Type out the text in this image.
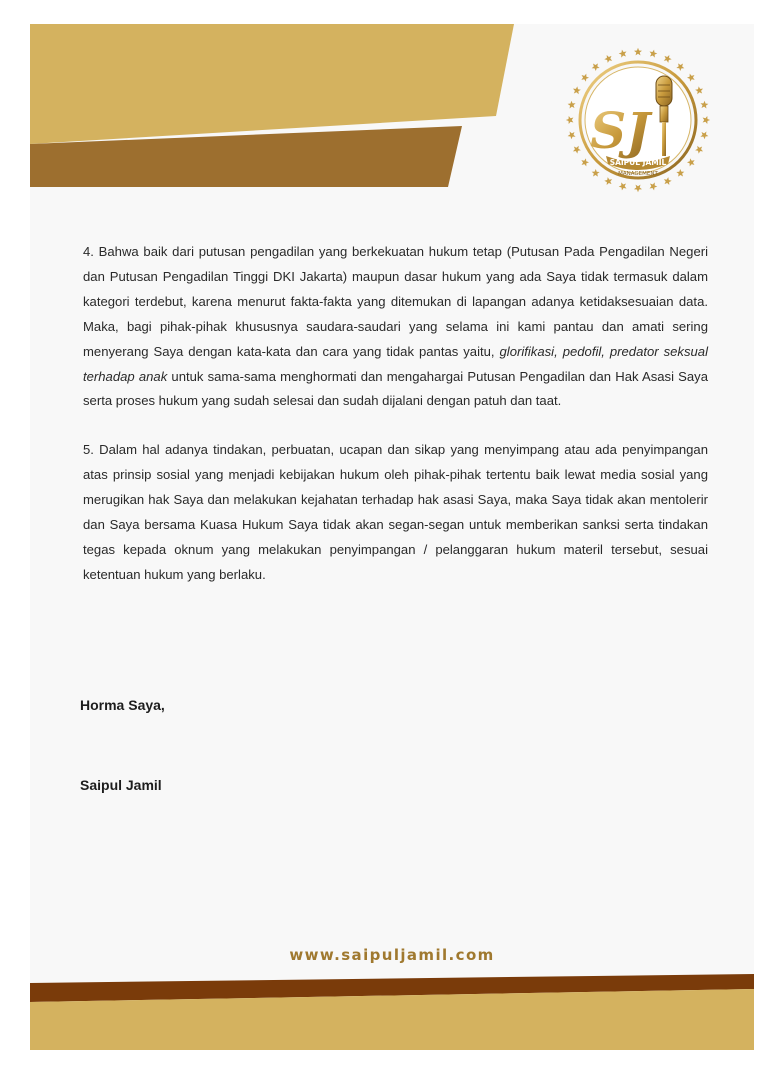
SJ
SAIPUL JAMIL
MANAGEMENT

4. Bahwa baik dari putusan pengadilan yang berkekuatan hukum tetap (Putusan Pada Pengadilan Negeri dan Putusan Pengadilan Tinggi DKI Jakarta) maupun dasar hukum yang ada Saya tidak termasuk dalam kategori terdebut, karena menurut fakta-fakta yang ditemukan di lapangan adanya ketidaksesuaian data. Maka, bagi pihak-pihak khususnya saudara-saudari yang selama ini kami pantau dan amati sering menyerang Saya dengan kata-kata dan cara yang tidak pantas yaitu, glorifikasi, pedofil, predator seksual terhadap anak untuk sama-sama menghormati dan mengahargai Putusan Pengadilan dan Hak Asasi Saya serta proses hukum yang sudah selesai dan sudah dijalani dengan patuh dan taat.

5. Dalam hal adanya tindakan, perbuatan, ucapan dan sikap yang menyimpang atau ada penyimpangan atas prinsip sosial yang menjadi kebijakan hukum oleh pihak-pihak tertentu baik lewat media sosial yang merugikan hak Saya dan melakukan kejahatan terhadap hak asasi Saya, maka Saya tidak akan mentolerir dan Saya bersama Kuasa Hukum Saya tidak akan segan-segan untuk memberikan sanksi serta tindakan tegas kepada oknum yang melakukan penyimpangan / pelanggaran hukum materil tersebut, sesuai ketentuan hukum yang berlaku.

Horma Saya,
Saipul Jamil
www.saipuljamil.com
